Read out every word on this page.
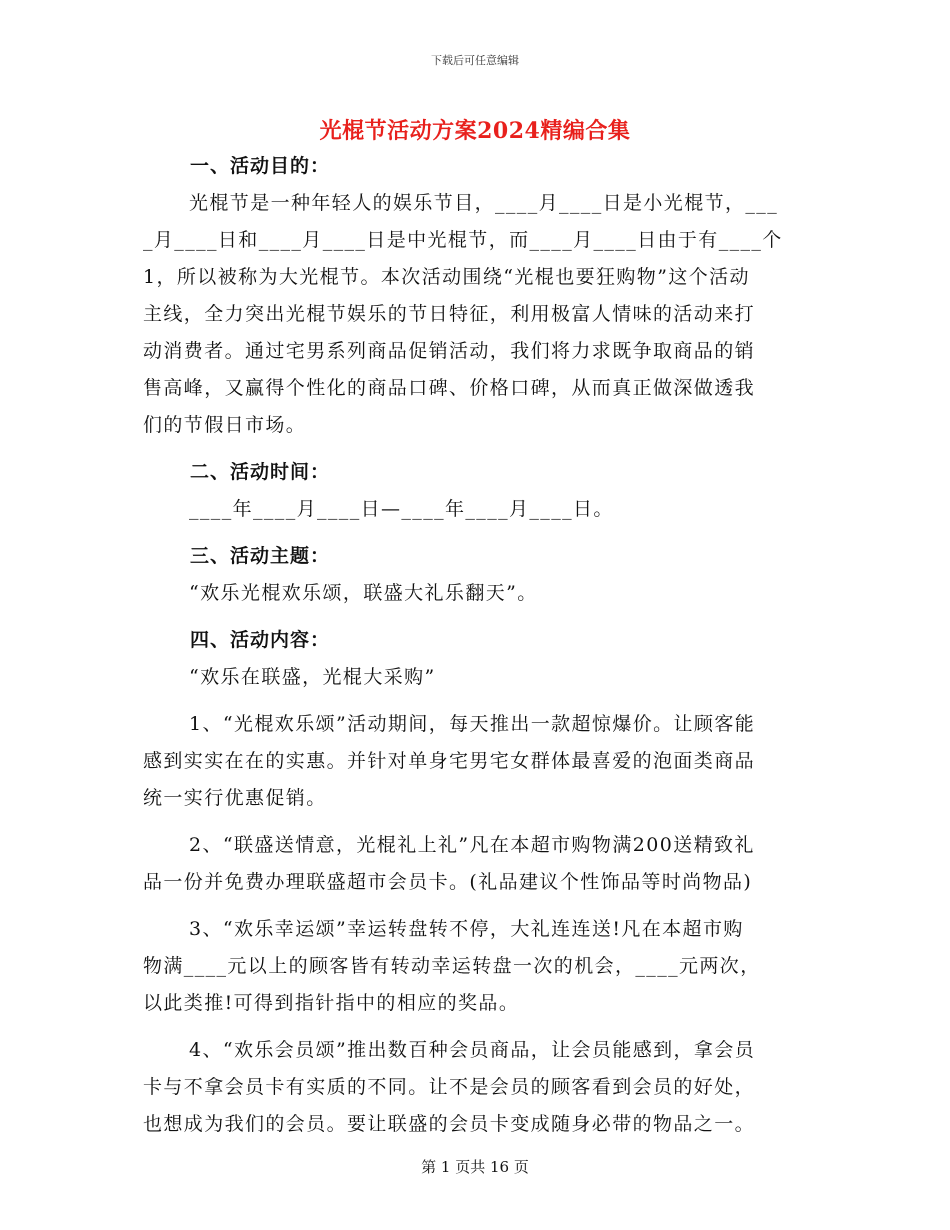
下载后可任意编辑
光棍节活动方案2024精编合集
一、活动目的：
光棍节是一种年轻人的娱乐节目，____月____日是小光棍节，___
_月____日和____月____日是中光棍节，而____月____日由于有____个
1，所以被称为大光棍节。本次活动围绕“光棍也要狂购物”这个活动
主线，全力突出光棍节娱乐的节日特征，利用极富人情味的活动来打
动消费者。通过宅男系列商品促销活动，我们将力求既争取商品的销
售高峰，又赢得个性化的商品口碑、价格口碑，从而真正做深做透我
们的节假日市场。
二、活动时间：
____年____月____日—____年____月____日。
三、活动主题：
“欢乐光棍欢乐颂，联盛大礼乐翻天”。
四、活动内容：
“欢乐在联盛，光棍大采购”
1、“光棍欢乐颂”活动期间，每天推出一款超惊爆价。让顾客能
感到实实在在的实惠。并针对单身宅男宅女群体最喜爱的泡面类商品
统一实行优惠促销。
2、“联盛送情意，光棍礼上礼”凡在本超市购物满200送精致礼
品一份并免费办理联盛超市会员卡。(礼品建议个性饰品等时尚物品)
3、“欢乐幸运颂”幸运转盘转不停，大礼连连送!凡在本超市购
物满____元以上的顾客皆有转动幸运转盘一次的机会，____元两次，
以此类推!可得到指针指中的相应的奖品。
4、“欢乐会员颂”推出数百种会员商品，让会员能感到，拿会员
卡与不拿会员卡有实质的不同。让不是会员的顾客看到会员的好处，
也想成为我们的会员。要让联盛的会员卡变成随身必带的物品之一。
第 1 页共 16 页
